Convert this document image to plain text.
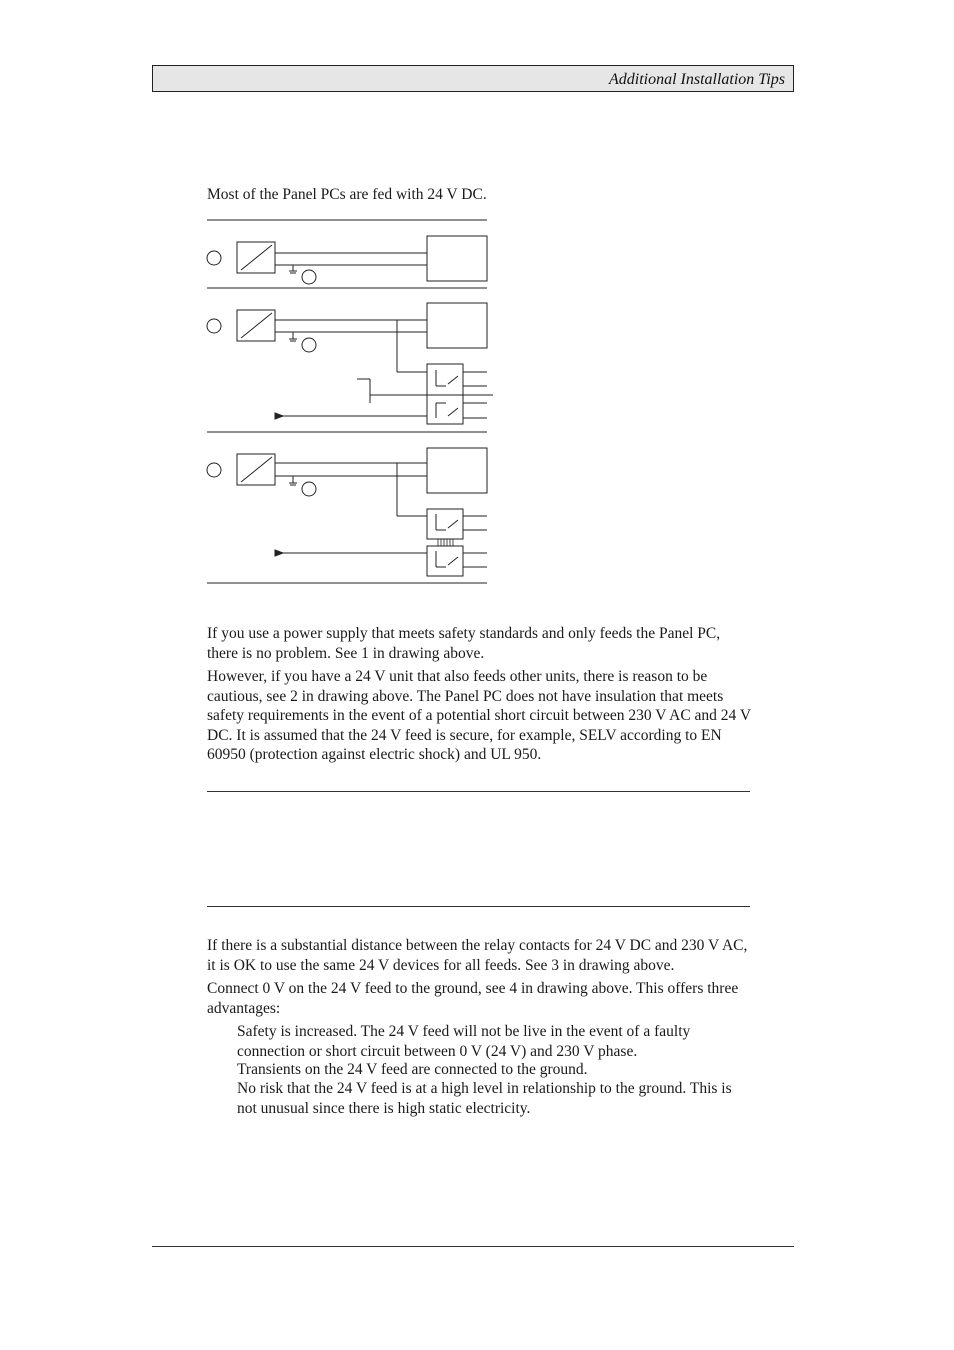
Additional Installation Tips

Most of the Panel PCs are fed with 24 V DC.

If you use a power supply that meets safety standards and only feeds the Panel PC, there is no problem. See 1 in drawing above.

However, if you have a 24 V unit that also feeds other units, there is reason to be cautious, see 2 in drawing above. The Panel PC does not have insulation that meets safety requirements in the event of a potential short circuit between 230 V AC and 24 V DC. It is assumed that the 24 V feed is secure, for example, SELV according to EN 60950 (protection against electric shock) and UL 950.

If there is a substantial distance between the relay contacts for 24 V DC and 230 V AC, it is OK to use the same 24 V devices for all feeds. See 3 in drawing above.

Connect 0 V on the 24 V feed to the ground, see 4 in drawing above. This offers three advantages:

Safety is increased. The 24 V feed will not be live in the event of a faulty connection or short circuit between 0 V (24 V) and 230 V phase.

Transients on the 24 V feed are connected to the ground.

No risk that the 24 V feed is at a high level in relationship to the ground. This is not unusual since there is high static electricity.
